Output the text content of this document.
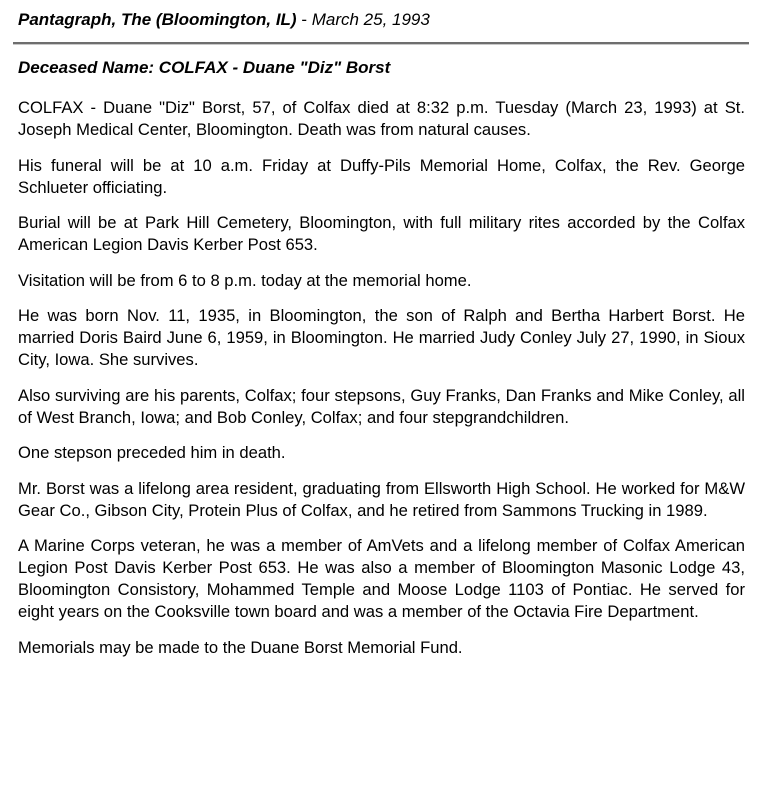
Pantagraph, The (Bloomington, IL) - March 25, 1993
Deceased Name: COLFAX - Duane "Diz" Borst

COLFAX - Duane "Diz" Borst, 57, of Colfax died at 8:32 p.m. Tuesday (March 23, 1993) at St. Joseph Medical Center, Bloomington. Death was from natural causes.

His funeral will be at 10 a.m. Friday at Duffy-Pils Memorial Home, Colfax, the Rev. George Schlueter officiating.

Burial will be at Park Hill Cemetery, Bloomington, with full military rites accorded by the Colfax American Legion Davis Kerber Post 653.

Visitation will be from 6 to 8 p.m. today at the memorial home.

He was born Nov. 11, 1935, in Bloomington, the son of Ralph and Bertha Harbert Borst. He married Doris Baird June 6, 1959, in Bloomington. He married Judy Conley July 27, 1990, in Sioux City, Iowa. She survives.

Also surviving are his parents, Colfax; four stepsons, Guy Franks, Dan Franks and Mike Conley, all of West Branch, Iowa; and Bob Conley, Colfax; and four stepgrandchildren.

One stepson preceded him in death.

Mr. Borst was a lifelong area resident, graduating from Ellsworth High School. He worked for M&W Gear Co., Gibson City, Protein Plus of Colfax, and he retired from Sammons Trucking in 1989.

A Marine Corps veteran, he was a member of AmVets and a lifelong member of Colfax American Legion Post Davis Kerber Post 653. He was also a member of Bloomington Masonic Lodge 43, Bloomington Consistory, Mohammed Temple and Moose Lodge 1103 of Pontiac. He served for eight years on the Cooksville town board and was a member of the Octavia Fire Department.

Memorials may be made to the Duane Borst Memorial Fund.
